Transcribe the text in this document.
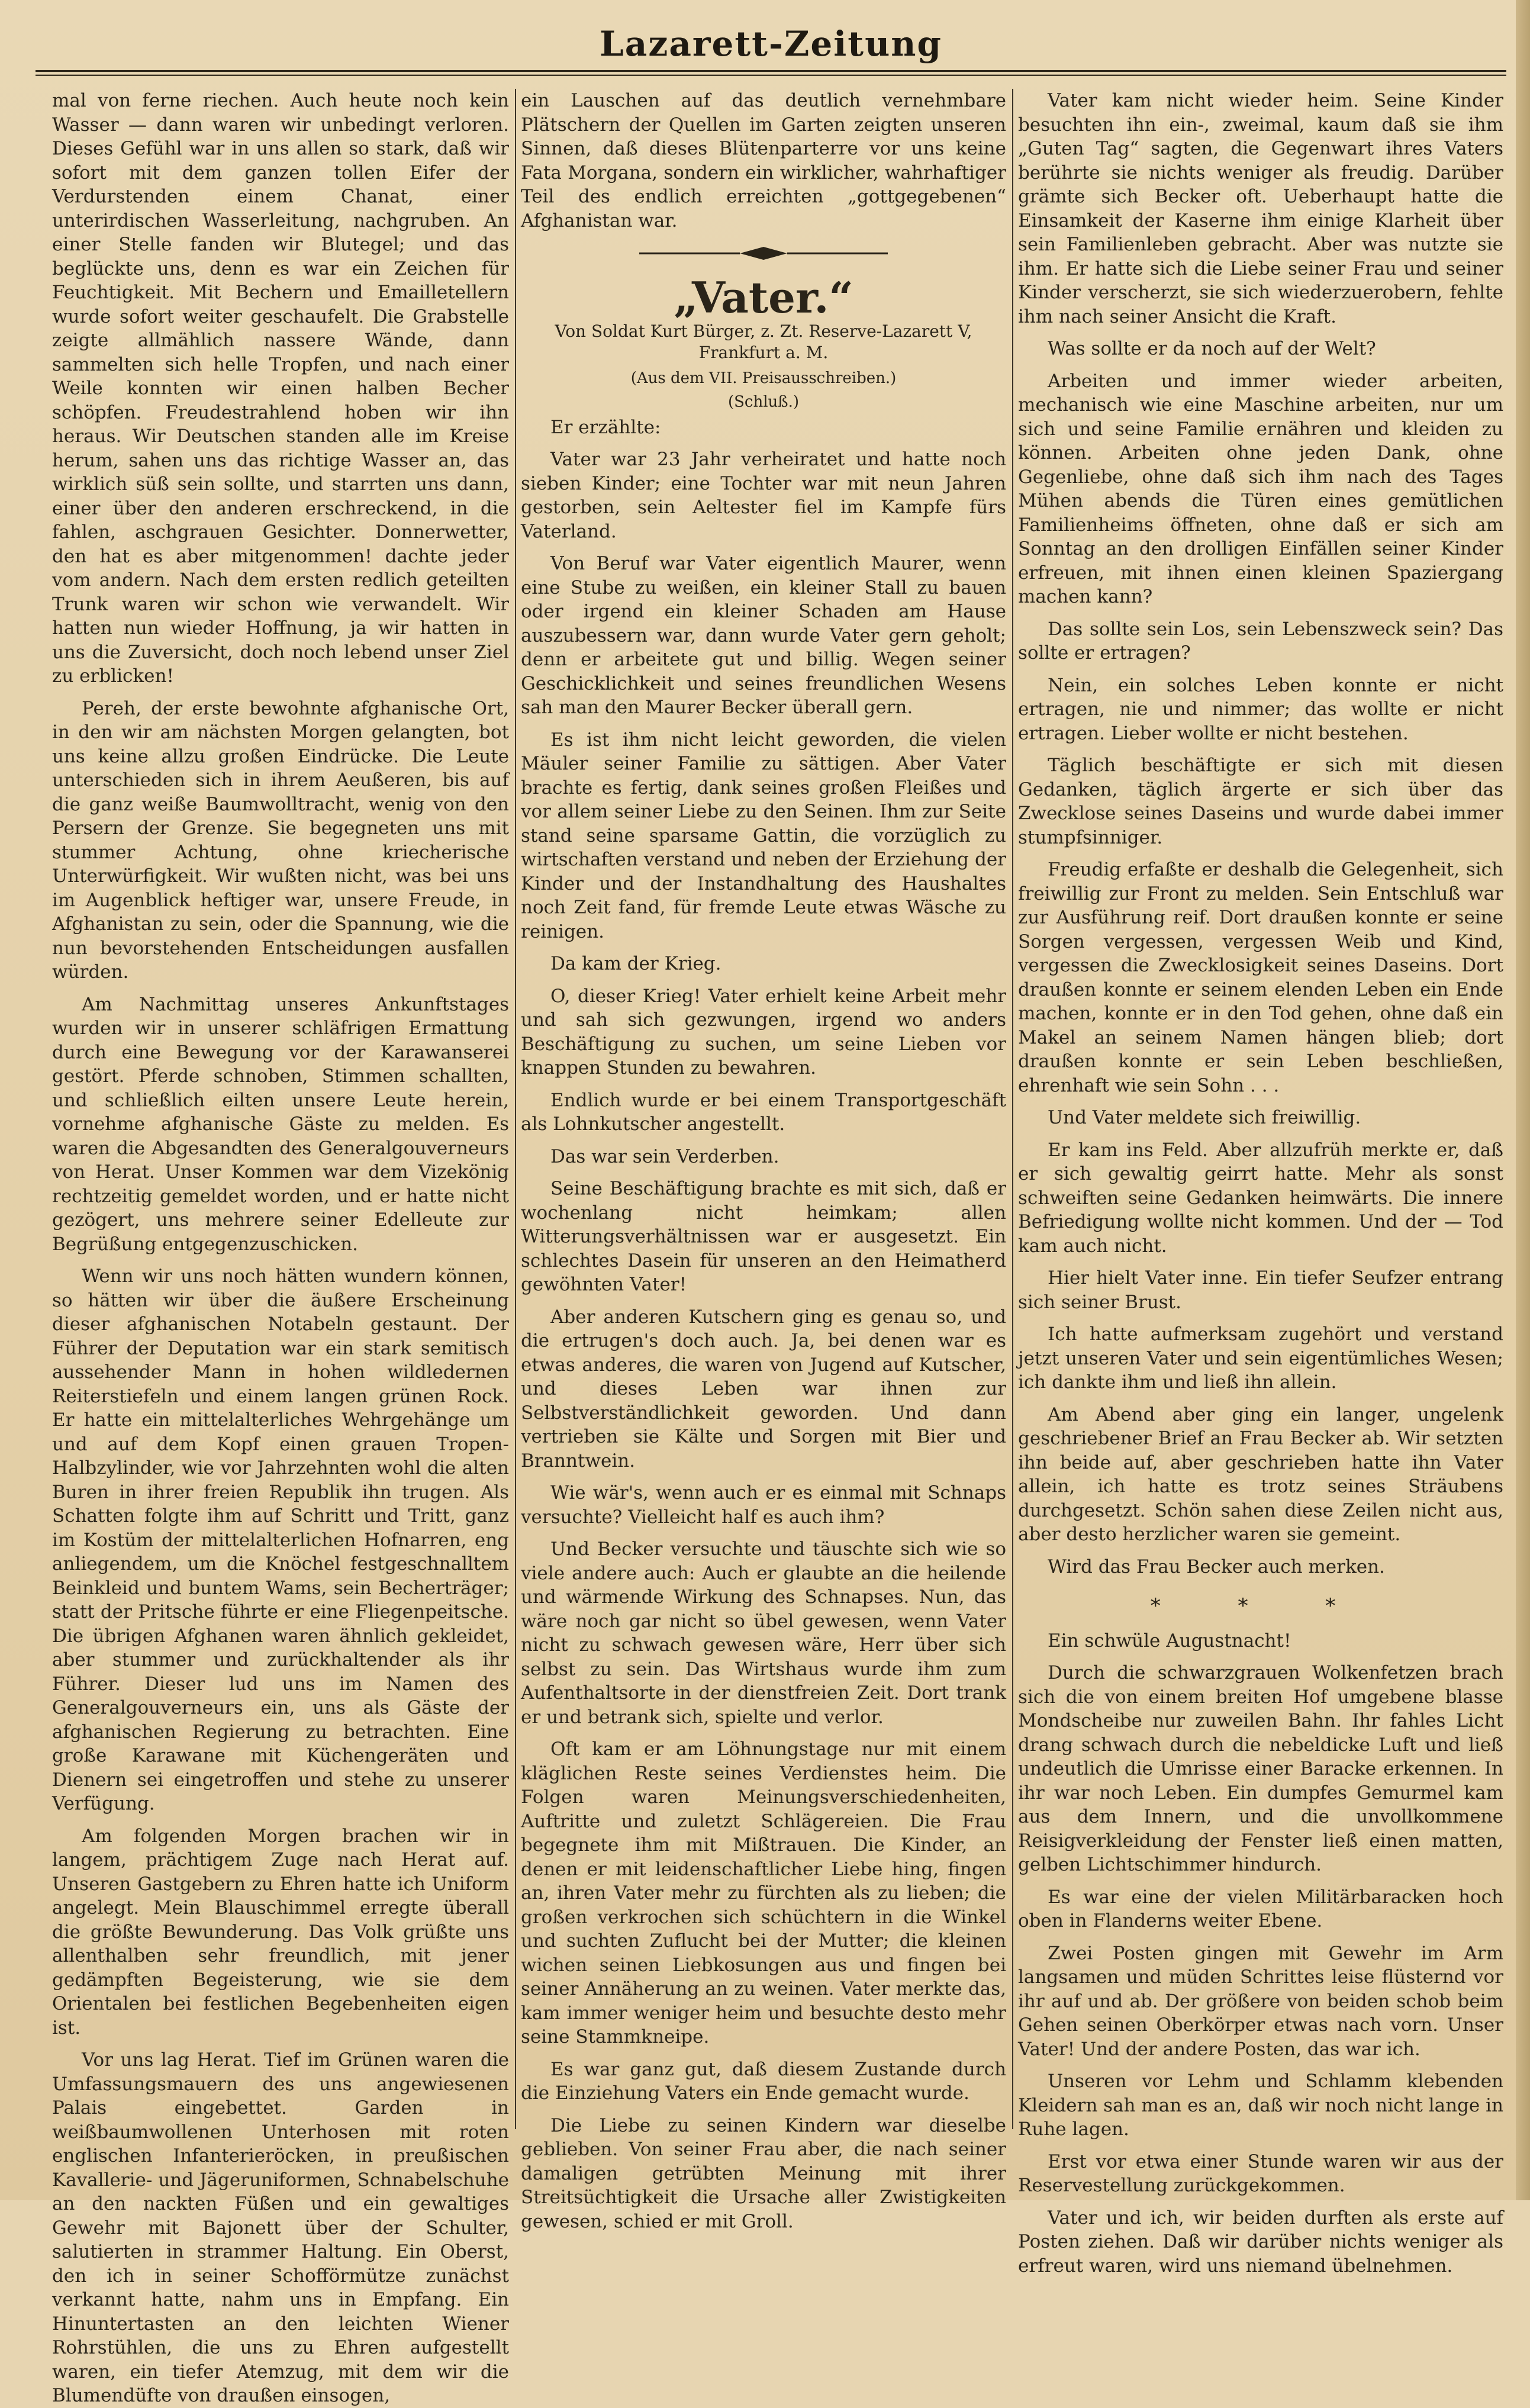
Lazarett-Zeitung

mal von ferne riechen. Auch heute noch kein Wasser — dann waren wir unbedingt verloren. Dieses Gefühl war in uns allen so stark, daß wir sofort mit dem ganzen tollen Eifer der Verdurstenden einem Chanat, einer unterirdischen Wasserleitung, nachgruben. An einer Stelle fanden wir Blutegel; und das beglückte uns, denn es war ein Zeichen für Feuchtigkeit. Mit Bechern und Emailletellern wurde sofort weiter geschaufelt. Die Grabstelle zeigte allmählich nassere Wände, dann sammelten sich helle Tropfen, und nach einer Weile konnten wir einen halben Becher schöpfen. Freudestrahlend hoben wir ihn heraus. Wir Deutschen standen alle im Kreise herum, sahen uns das richtige Wasser an, das wirklich süß sein sollte, und starrten uns dann, einer über den anderen erschreckend, in die fahlen, aschgrauen Gesichter. Donnerwetter, den hat es aber mitgenommen! dachte jeder vom andern. Nach dem ersten redlich geteilten Trunk waren wir schon wie verwandelt. Wir hatten nun wieder Hoffnung, ja wir hatten in uns die Zuversicht, doch noch lebend unser Ziel zu erblicken!

Pereh, der erste bewohnte afghanische Ort, in den wir am nächsten Morgen gelangten, bot uns keine allzu großen Eindrücke. Die Leute unterschieden sich in ihrem Aeußeren, bis auf die ganz weiße Baumwolltracht, wenig von den Persern der Grenze. Sie begegneten uns mit stummer Achtung, ohne kriecherische Unterwürfigkeit. Wir wußten nicht, was bei uns im Augenblick heftiger war, unsere Freude, in Afghanistan zu sein, oder die Spannung, wie die nun bevorstehenden Entscheidungen ausfallen würden.

Am Nachmittag unseres Ankunftstages wurden wir in unserer schläfrigen Ermattung durch eine Bewegung vor der Karawanserei gestört. Pferde schnoben, Stimmen schallten, und schließlich eilten unsere Leute herein, vornehme afghanische Gäste zu melden. Es waren die Abgesandten des Generalgouverneurs von Herat. Unser Kommen war dem Vizekönig rechtzeitig gemeldet worden, und er hatte nicht gezögert, uns mehrere seiner Edelleute zur Begrüßung entgegenzuschicken.

Wenn wir uns noch hätten wundern können, so hätten wir über die äußere Erscheinung dieser afghanischen Notabeln gestaunt. Der Führer der Deputation war ein stark semitisch aussehender Mann in hohen wildledernen Reiterstiefeln und einem langen grünen Rock. Er hatte ein mittelalterliches Wehrgehänge um und auf dem Kopf einen grauen Tropen-Halbzylinder, wie vor Jahrzehnten wohl die alten Buren in ihrer freien Republik ihn trugen. Als Schatten folgte ihm auf Schritt und Tritt, ganz im Kostüm der mittelalterlichen Hofnarren, eng anliegendem, um die Knöchel festgeschnalltem Beinkleid und buntem Wams, sein Becherträger; statt der Pritsche führte er eine Fliegenpeitsche. Die übrigen Afghanen waren ähnlich gekleidet, aber stummer und zurückhaltender als ihr Führer. Dieser lud uns im Namen des Generalgouverneurs ein, uns als Gäste der afghanischen Regierung zu betrachten. Eine große Karawane mit Küchengeräten und Dienern sei eingetroffen und stehe zu unserer Verfügung.

Am folgenden Morgen brachen wir in langem, prächtigem Zuge nach Herat auf. Unseren Gastgebern zu Ehren hatte ich Uniform angelegt. Mein Blauschimmel erregte überall die größte Bewunderung. Das Volk grüßte uns allenthalben sehr freundlich, mit jener gedämpften Begeisterung, wie sie dem Orientalen bei festlichen Begebenheiten eigen ist.

Vor uns lag Herat. Tief im Grünen waren die Umfassungsmauern des uns angewiesenen Palais eingebettet. Garden in weißbaumwollenen Unterhosen mit roten englischen Infanterieröcken, in preußischen Kavallerie- und Jägeruniformen, Schnabelschuhe an den nackten Füßen und ein gewaltiges Gewehr mit Bajonett über der Schulter, salutierten in strammer Haltung. Ein Oberst, den ich in seiner Schofförmütze zunächst verkannt hatte, nahm uns in Empfang. Ein Hinuntertasten an den leichten Wiener Rohrstühlen, die uns zu Ehren aufgestellt waren, ein tiefer Atemzug, mit dem wir die Blumendüfte von draußen einsogen,

ein Lauschen auf das deutlich vernehmbare Plätschern der Quellen im Garten zeigten unseren Sinnen, daß dieses Blütenparterre vor uns keine Fata Morgana, sondern ein wirklicher, wahrhaftiger Teil des endlich erreichten „gottgegebenen“ Afghanistan war.

„Vater.“

Von Soldat Kurt Bürger, z. Zt. Reserve-Lazarett V, Frankfurt a. M.

(Aus dem VII. Preisausschreiben.)

(Schluß.)

Er erzählte:

Vater war 23 Jahr verheiratet und hatte noch sieben Kinder; eine Tochter war mit neun Jahren gestorben, sein Aeltester fiel im Kampfe fürs Vaterland.

Von Beruf war Vater eigentlich Maurer, wenn eine Stube zu weißen, ein kleiner Stall zu bauen oder irgend ein kleiner Schaden am Hause auszubessern war, dann wurde Vater gern geholt; denn er arbeitete gut und billig. Wegen seiner Geschicklichkeit und seines freundlichen Wesens sah man den Maurer Becker überall gern.

Es ist ihm nicht leicht geworden, die vielen Mäuler seiner Familie zu sättigen. Aber Vater brachte es fertig, dank seines großen Fleißes und vor allem seiner Liebe zu den Seinen. Ihm zur Seite stand seine sparsame Gattin, die vorzüglich zu wirtschaften verstand und neben der Erziehung der Kinder und der Instandhaltung des Haushaltes noch Zeit fand, für fremde Leute etwas Wäsche zu reinigen.

Da kam der Krieg.

O, dieser Krieg! Vater erhielt keine Arbeit mehr und sah sich gezwungen, irgend wo anders Beschäftigung zu suchen, um seine Lieben vor knappen Stunden zu bewahren.

Endlich wurde er bei einem Transportgeschäft als Lohnkutscher angestellt.

Das war sein Verderben.

Seine Beschäftigung brachte es mit sich, daß er wochenlang nicht heimkam; allen Witterungsverhältnissen war er ausgesetzt. Ein schlechtes Dasein für unseren an den Heimatherd gewöhnten Vater!

Aber anderen Kutschern ging es genau so, und die ertrugen's doch auch. Ja, bei denen war es etwas anderes, die waren von Jugend auf Kutscher, und dieses Leben war ihnen zur Selbstverständlichkeit geworden. Und dann vertrieben sie Kälte und Sorgen mit Bier und Branntwein.

Wie wär's, wenn auch er es einmal mit Schnaps versuchte? Vielleicht half es auch ihm?

Und Becker versuchte und täuschte sich wie so viele andere auch: Auch er glaubte an die heilende und wärmende Wirkung des Schnapses. Nun, das wäre noch gar nicht so übel gewesen, wenn Vater nicht zu schwach gewesen wäre, Herr über sich selbst zu sein. Das Wirtshaus wurde ihm zum Aufenthaltsorte in der dienstfreien Zeit. Dort trank er und betrank sich, spielte und verlor.

Oft kam er am Löhnungstage nur mit einem kläglichen Reste seines Verdienstes heim. Die Folgen waren Meinungsverschiedenheiten, Auftritte und zuletzt Schlägereien. Die Frau begegnete ihm mit Mißtrauen. Die Kinder, an denen er mit leidenschaftlicher Liebe hing, fingen an, ihren Vater mehr zu fürchten als zu lieben; die großen verkrochen sich schüchtern in die Winkel und suchten Zuflucht bei der Mutter; die kleinen wichen seinen Liebkosungen aus und fingen bei seiner Annäherung an zu weinen. Vater merkte das, kam immer weniger heim und besuchte desto mehr seine Stammkneipe.

Es war ganz gut, daß diesem Zustande durch die Einziehung Vaters ein Ende gemacht wurde.

Die Liebe zu seinen Kindern war dieselbe geblieben. Von seiner Frau aber, die nach seiner damaligen getrübten Meinung mit ihrer Streitsüchtigkeit die Ursache aller Zwistigkeiten gewesen, schied er mit Groll.

Vater kam nicht wieder heim. Seine Kinder besuchten ihn ein-, zweimal, kaum daß sie ihm „Guten Tag“ sagten, die Gegenwart ihres Vaters berührte sie nichts weniger als freudig. Darüber grämte sich Becker oft. Ueberhaupt hatte die Einsamkeit der Kaserne ihm einige Klarheit über sein Familienleben gebracht. Aber was nutzte sie ihm. Er hatte sich die Liebe seiner Frau und seiner Kinder verscherzt, sie sich wiederzuerobern, fehlte ihm nach seiner Ansicht die Kraft.

Was sollte er da noch auf der Welt?

Arbeiten und immer wieder arbeiten, mechanisch wie eine Maschine arbeiten, nur um sich und seine Familie ernähren und kleiden zu können. Arbeiten ohne jeden Dank, ohne Gegenliebe, ohne daß sich ihm nach des Tages Mühen abends die Türen eines gemütlichen Familienheims öffneten, ohne daß er sich am Sonntag an den drolligen Einfällen seiner Kinder erfreuen, mit ihnen einen kleinen Spaziergang machen kann?

Das sollte sein Los, sein Lebenszweck sein? Das sollte er ertragen?

Nein, ein solches Leben konnte er nicht ertragen, nie und nimmer; das wollte er nicht ertragen. Lieber wollte er nicht bestehen.

Täglich beschäftigte er sich mit diesen Gedanken, täglich ärgerte er sich über das Zwecklose seines Daseins und wurde dabei immer stumpfsinniger.

Freudig erfaßte er deshalb die Gelegenheit, sich freiwillig zur Front zu melden. Sein Entschluß war zur Ausführung reif. Dort draußen konnte er seine Sorgen vergessen, vergessen Weib und Kind, vergessen die Zwecklosigkeit seines Daseins. Dort draußen konnte er seinem elenden Leben ein Ende machen, konnte er in den Tod gehen, ohne daß ein Makel an seinem Namen hängen blieb; dort draußen konnte er sein Leben beschließen, ehrenhaft wie sein Sohn . . .

Und Vater meldete sich freiwillig.

Er kam ins Feld. Aber allzufrüh merkte er, daß er sich gewaltig geirrt hatte. Mehr als sonst schweiften seine Gedanken heimwärts. Die innere Befriedigung wollte nicht kommen. Und der — Tod kam auch nicht.

Hier hielt Vater inne. Ein tiefer Seufzer entrang sich seiner Brust.

Ich hatte aufmerksam zugehört und verstand jetzt unseren Vater und sein eigentümliches Wesen; ich dankte ihm und ließ ihn allein.

Am Abend aber ging ein langer, ungelenk geschriebener Brief an Frau Becker ab. Wir setzten ihn beide auf, aber geschrieben hatte ihn Vater allein, ich hatte es trotz seines Sträubens durchgesetzt. Schön sahen diese Zeilen nicht aus, aber desto herzlicher waren sie gemeint.

Wird das Frau Becker auch merken.

* * *

Ein schwüle Augustnacht!

Durch die schwarzgrauen Wolkenfetzen brach sich die von einem breiten Hof umgebene blasse Mondscheibe nur zuweilen Bahn. Ihr fahles Licht drang schwach durch die nebeldicke Luft und ließ undeutlich die Umrisse einer Baracke erkennen. In ihr war noch Leben. Ein dumpfes Gemurmel kam aus dem Innern, und die unvollkommene Reisigverkleidung der Fenster ließ einen matten, gelben Lichtschimmer hindurch.

Es war eine der vielen Militärbaracken hoch oben in Flanderns weiter Ebene.

Zwei Posten gingen mit Gewehr im Arm langsamen und müden Schrittes leise flüsternd vor ihr auf und ab. Der größere von beiden schob beim Gehen seinen Oberkörper etwas nach vorn. Unser Vater! Und der andere Posten, das war ich.

Unseren vor Lehm und Schlamm klebenden Kleidern sah man es an, daß wir noch nicht lange in Ruhe lagen.

Erst vor etwa einer Stunde waren wir aus der Reservestellung zurückgekommen.

Vater und ich, wir beiden durften als erste auf Posten ziehen. Daß wir darüber nichts weniger als erfreut waren, wird uns niemand übelnehmen.
